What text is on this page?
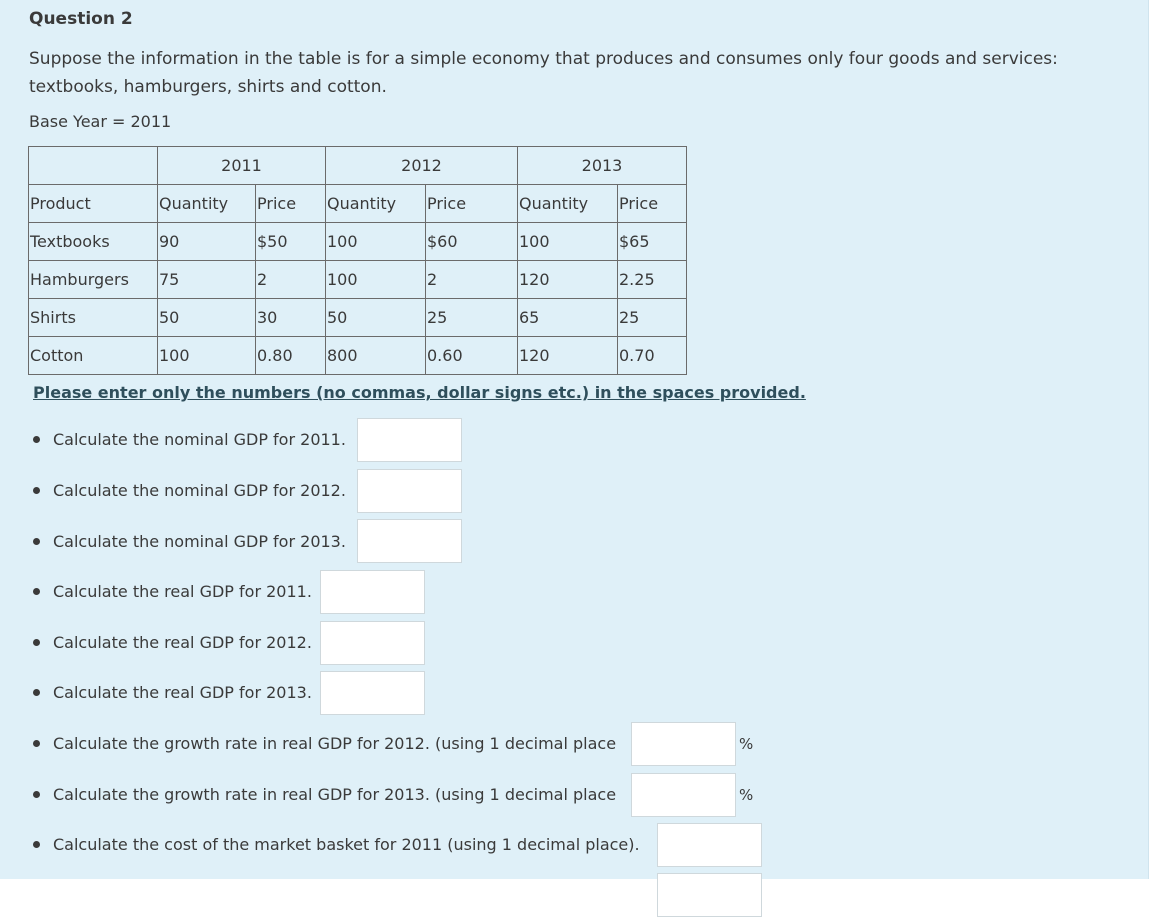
Question 2
Suppose the information in the table is for a simple economy that produces and consumes only four goods and services: textbooks, hamburgers, shirts and cotton.
Base Year = 2011
	2011		2012		2013	
Product	Quantity	Price	Quantity	Price	Quantity	Price
Textbooks	90	$50	100	$60	100	$65
Hamburgers	75	2	100	2	120	2.25
Shirts	50	30	50	25	65	25
Cotton	100	0.80	800	0.60	120	0.70
Please enter only the numbers (no commas, dollar signs etc.) in the spaces provided.
Calculate the nominal GDP for 2011.
Calculate the nominal GDP for 2012.
Calculate the nominal GDP for 2013.
Calculate the real GDP for 2011.
Calculate the real GDP for 2012.
Calculate the real GDP for 2013.
Calculate the growth rate in real GDP for 2012. (using 1 decimal place	%
Calculate the growth rate in real GDP for 2013. (using 1 decimal place	%
Calculate the cost of the market basket for 2011 (using 1 decimal place).
